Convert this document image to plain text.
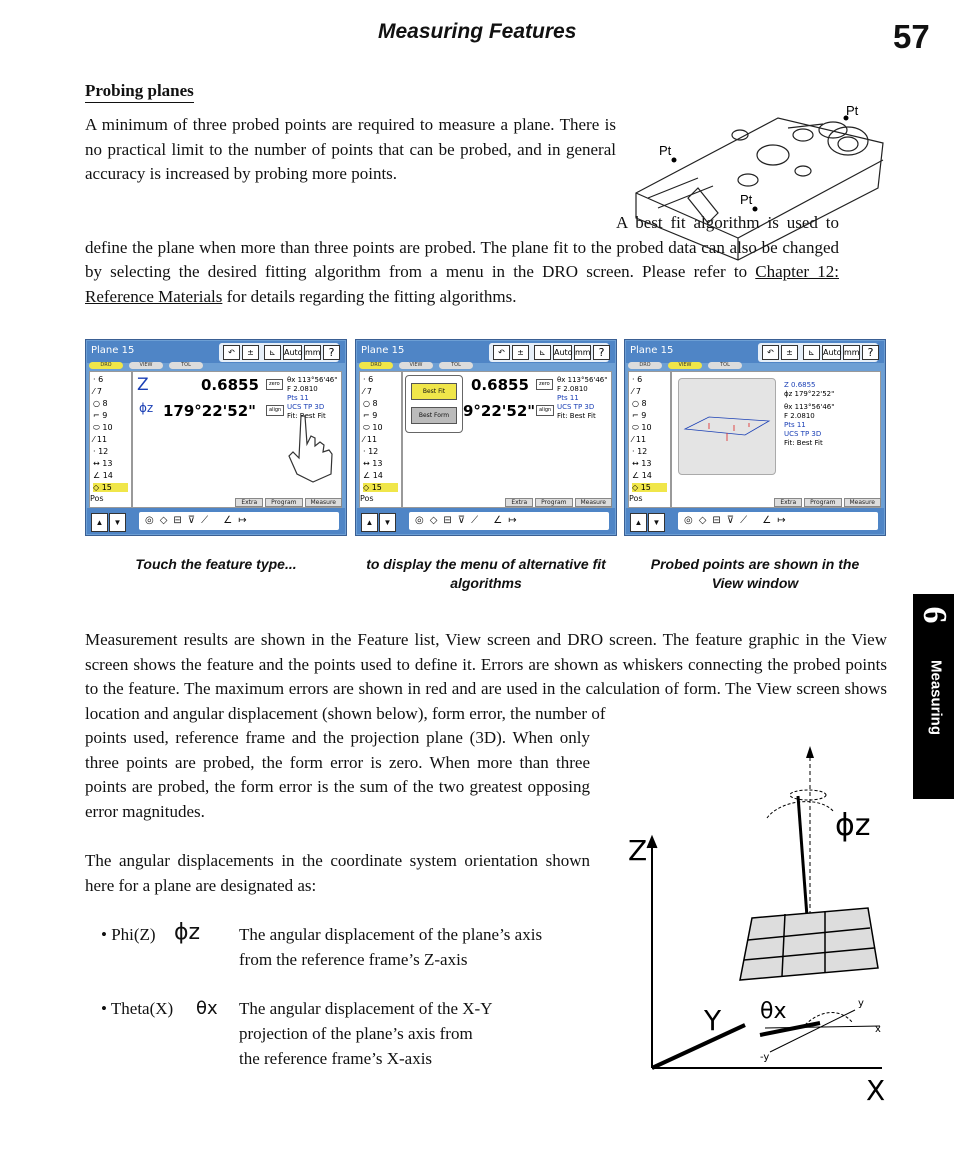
Measuring Features	57
Probing planes
A minimum of three probed points are required to measure a plane. There is no practical limit to the number of points that can be probed, and in general accuracy is increased by probing more points.
A best fit algorithm is used to define the plane when more than three points are probed. The plane fit to the probed data can also be changed by selecting the desired fitting algorithm from a menu in the DRO screen. Please refer to Chapter 12: Reference Materials for details regarding the fitting algorithms.
Pt
Pt
Pt
Plane 15	↶	±	⊾	Auto mm ?
DRO	VIEW	TOL
· 6
⁄ 7
○ 8
⌐ 9
⬭ 10
⁄ 11
· 12
↔ 13
∠ 14
◇ 15
Pos
Z	0.6855	zero
ϕz 179°22'52"	align
θx 113°56'46"
F 2.0810
Pts 11
UCS TP 3D
Fit: Best Fit
Extra Program Measure
▲ ▼	◎◇⊟⊽⟋ ∠↦
Plane 15	↶	±	⊾	Auto mm ?
DRO	VIEW	TOL
· 6
⁄ 7
○ 8
⌐ 9
⬭ 10
⁄ 11
· 12
↔ 13
∠ 14
◇ 15
Pos
Best Fit
Best Form
0.6855	zero
9°22'52" align
θx 113°56'46"
F 2.0810
Pts 11
UCS TP 3D
Fit: Best Fit
Extra Program Measure
▲ ▼	◎◇⊟⊽⟋ ∠↦
Plane 15	↶	±	⊾	Auto mm ?
DRO	VIEW	TOL
· 6
⁄ 7
○ 8
⌐ 9
⬭ 10
⁄ 11
· 12
↔ 13
∠ 14
◇ 15
Pos
Z 0.6855
ϕz 179°22'52"
θx 113°56'46"
F 2.0810
Pts 11
UCS TP 3D
Fit: Best Fit
Extra Program Measure
▲ ▼	◎◇⊟⊽⟋ ∠↦
Touch the feature type...	to display the menu of alternative fit algorithms
Probed points are shown in the View window
Measurement results are shown in the Feature list, View screen and DRO screen. The feature graphic in the View screen shows the feature and the points used to define it. Errors are shown as whiskers connecting the probed points to the feature. The maximum errors are shown in red and are used in the calculation of form. The View screen shows location and angular displacement (shown below), form error, the number of
points used, reference frame and the projection plane (3D). When only three points are probed, the form error is zero. When more than three points are probed, the form error is the sum of the two greatest opposing error magnitudes.
The angular displacements in the coordinate system orientation shown here for a plane are designated as:
• Phi(Z) ϕz The angular displacement of the plane’s axis
from the reference frame’s Z-axis
• Theta(X) θx The angular displacement of the X-Y
projection of the plane’s axis from
the reference frame’s X-axis
Z
Y
X
ϕz
θx	y
x
-y
6
Measuring
